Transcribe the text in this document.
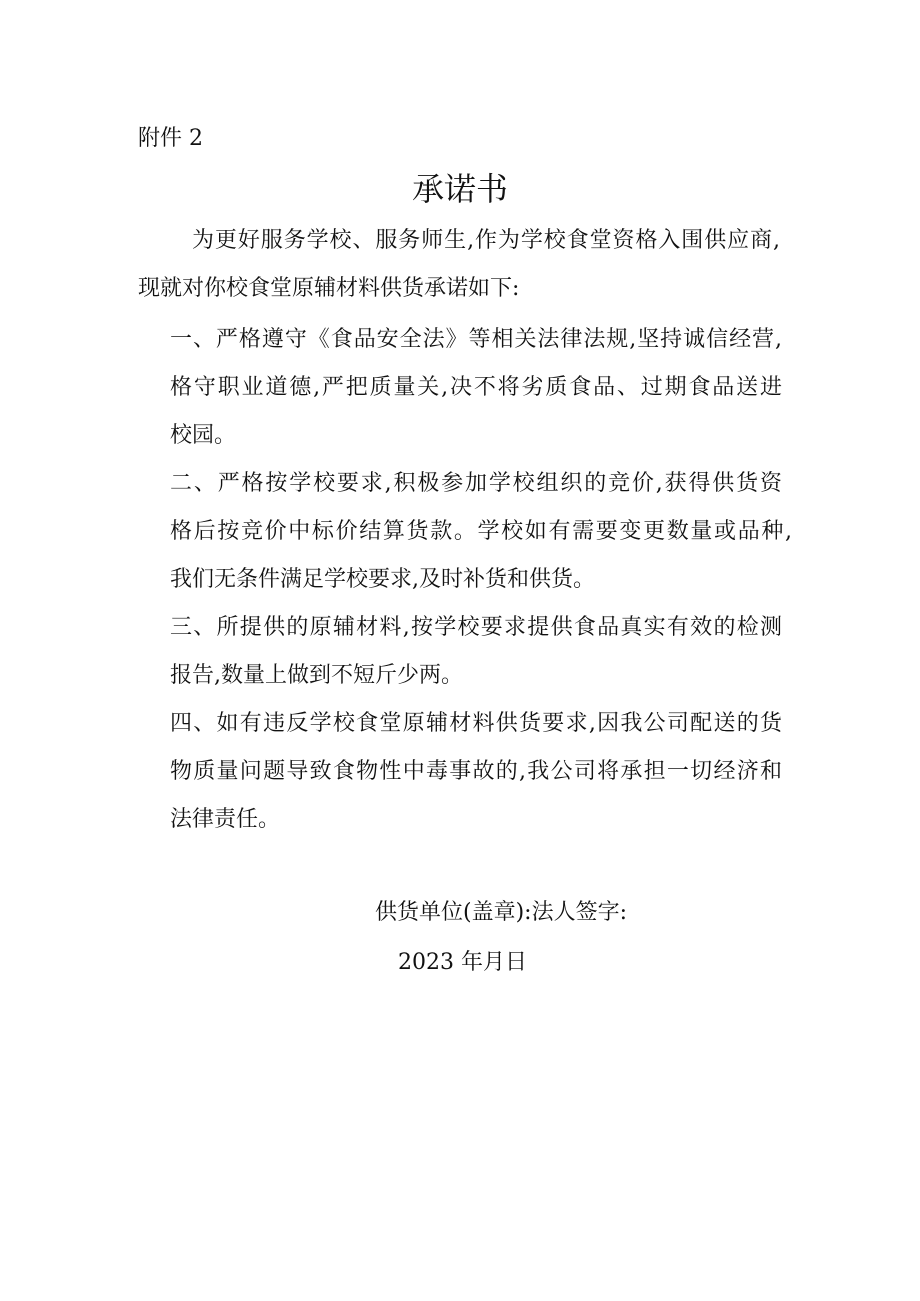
附件 2
承诺书
为更好服务学校、服务师生,作为学校食堂资格入围供应商,
现就对你校食堂原辅材料供货承诺如下:
一、严格遵守《食品安全法》等相关法律法规,坚持诚信经营,
格守职业道德,严把质量关,决不将劣质食品、过期食品送进
校园。
二、严格按学校要求,积极参加学校组织的竞价,获得供货资
格后按竞价中标价结算货款。学校如有需要变更数量或品种,
我们无条件满足学校要求,及时补货和供货。
三、所提供的原辅材料,按学校要求提供食品真实有效的检测
报告,数量上做到不短斤少两。
四、如有违反学校食堂原辅材料供货要求,因我公司配送的货
物质量问题导致食物性中毒事故的,我公司将承担一切经济和
法律责任。
供货单位(盖章):法人签字:
2023 年月日
